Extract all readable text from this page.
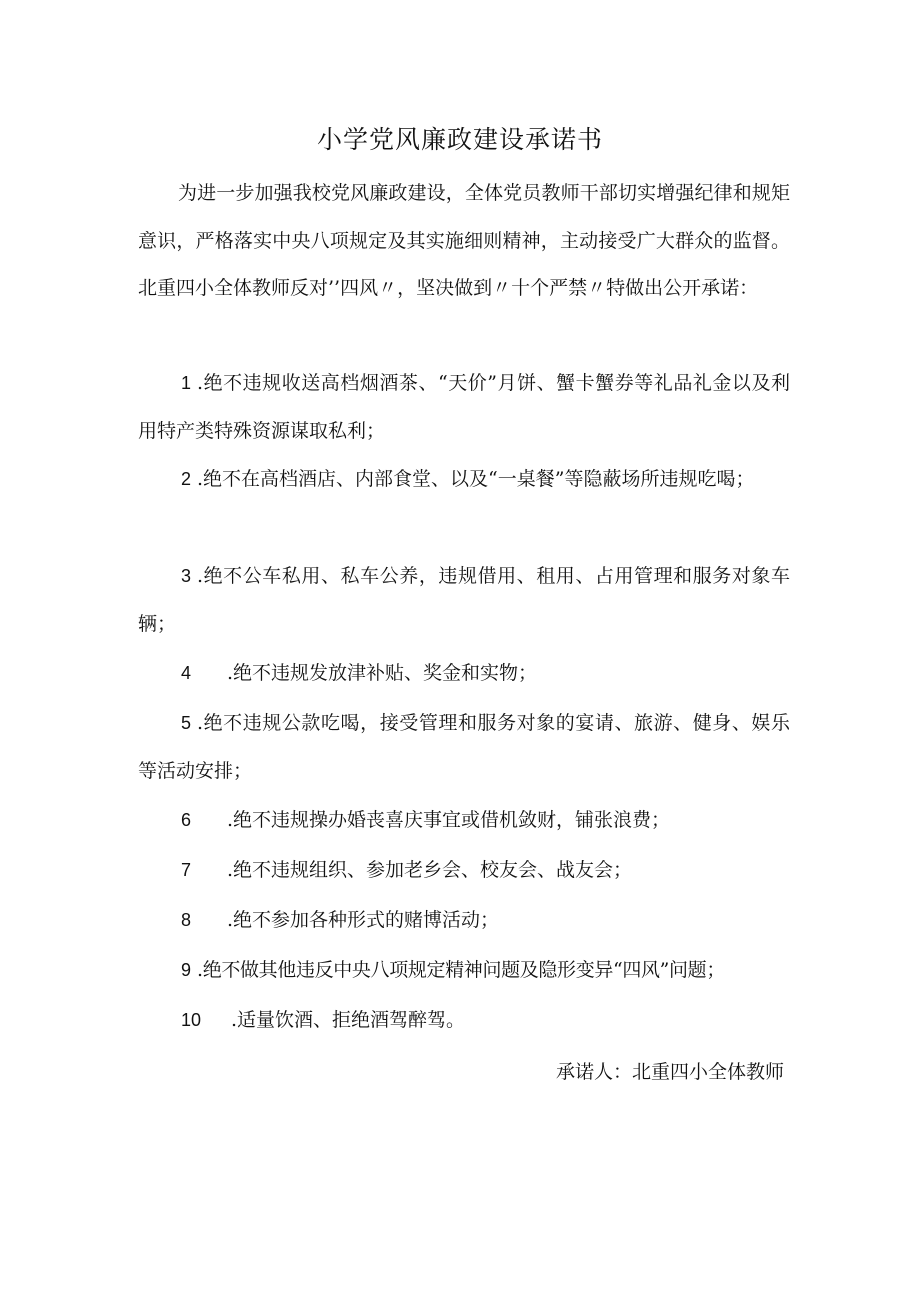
小学党风廉政建设承诺书

为进一步加强我校党风廉政建设，全体党员教师干部切实增强纪律和规矩意识，严格落实中央八项规定及其实施细则精神，主动接受广大群众的监督。北重四小全体教师反对’’四风〃，坚决做到〃十个严禁〃特做出公开承诺：

1 .绝不违规收送高档烟酒茶、“天价”月饼、蟹卡蟹券等礼品礼金以及利用特产类特殊资源谋取私利；

2 .绝不在高档酒店、内部食堂、以及“一桌餐”等隐蔽场所违规吃喝；

3 .绝不公车私用、私车公养，违规借用、租用、占用管理和服务对象车辆；

4 .绝不违规发放津补贴、奖金和实物；

5 .绝不违规公款吃喝，接受管理和服务对象的宴请、旅游、健身、娱乐等活动安排；

6 .绝不违规操办婚丧喜庆事宜或借机敛财，铺张浪费；

7 .绝不违规组织、参加老乡会、校友会、战友会；

8 .绝不参加各种形式的赌博活动；

9 .绝不做其他违反中央八项规定精神问题及隐形变异“四风”问题；

10 .适量饮酒、拒绝酒驾醉驾。

承诺人：北重四小全体教师
